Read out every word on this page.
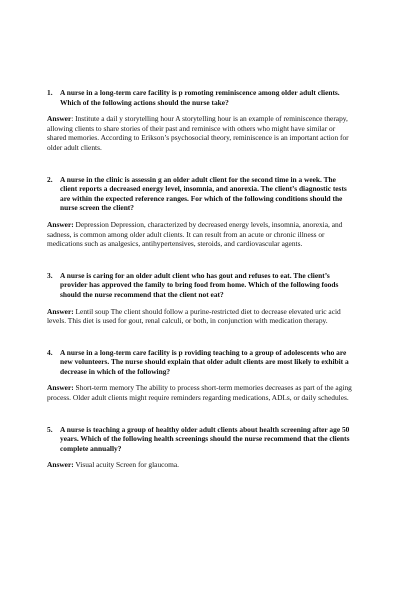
1.	A nurse in a long-term care facility is p romoting reminiscence among older adult clients. Which of the following actions should the nurse take?
Answer: Institute a dail y storytelling hour A storytelling hour is an example of reminiscence therapy, allowing clients to share stories of their past and reminisce with others who might have similar or shared memories. According to Erikson’s psychosocial theory, reminiscence is an important action for older adult clients.
2.	A nurse in the clinic is assessin g an older adult client for the second time in a week. The client reports a decreased energy level, insomnia, and anorexia. The client’s diagnostic tests are within the expected reference ranges. For which of the following conditions should the nurse screen the client?
Answer: Depression Depression, characterized by decreased energy levels, insomnia, anorexia, and sadness, is common among older adult clients. It can result from an acute or chronic illness or medications such as analgesics, antihypertensives, steroids, and cardiovascular agents.
3.	A nurse is caring for an older adult client who has gout and refuses to eat. The client’s provider has approved the family to bring food from home. Which of the following foods should the nurse recommend that the client not eat?
Answer: Lentil soup The client should follow a purine-restricted diet to decrease elevated uric acid levels. This diet is used for gout, renal calculi, or both, in conjunction with medication therapy.
4.	A nurse in a long-term care facility is p roviding teaching to a group of adolescents who are new volunteers. The nurse should explain that older adult clients are most likely to exhibit a decrease in which of the following?
Answer: Short-term memory The ability to process short-term memories decreases as part of the aging process. Older adult clients might require reminders regarding medications, ADLs, or daily schedules.
5.	A nurse is teaching a group of healthy older adult clients about health screening after age 50 years. Which of the following health screenings should the nurse recommend that the clients complete annually?
Answer: Visual acuity Screen for glaucoma.
